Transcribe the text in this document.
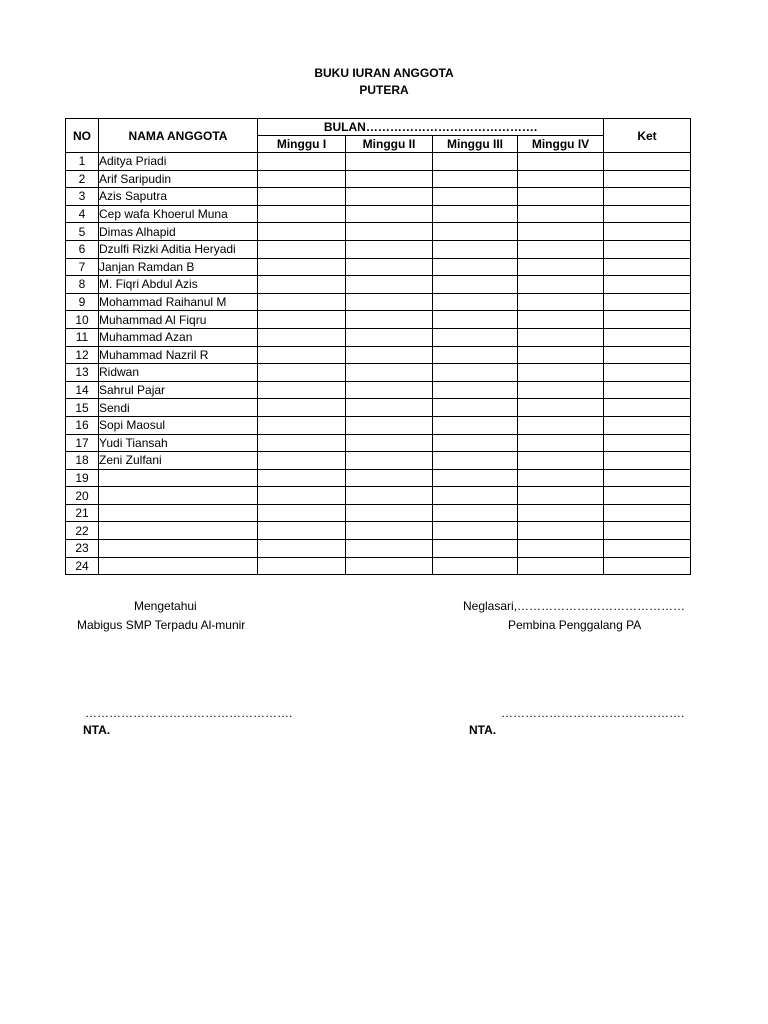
BUKU IURAN ANGGOTA
PUTERA
NO	NAMA ANGGOTA	BULAN…………………………………….				Ket
		Minggu I	Minggu II	Minggu III	Minggu IV	
1	Aditya Priadi					
2	Arif Saripudin					
3	Azis Saputra					
4	Cep wafa Khoerul Muna					
5	Dimas Alhapid					
6	Dzulfi Rizki Aditia Heryadi					
7	Janjan Ramdan B					
8	M. Fiqri Abdul Azis					
9	Mohammad Raihanul M					
10	Muhammad Al Fiqru					
11	Muhammad Azan					
12	Muhammad Nazril R					
13	Ridwan					
14	Sahrul Pajar					
15	Sendi					
16	Sopi Maosul					
17	Yudi Tiansah					
18	Zeni Zulfani					
19						
20						
21						
22						
23						
24						
Mengetahui
Mabigus SMP Terpadu Al-munir
…………………………………………….
NTA.
Neglasari,……………………………………
Pembina Penggalang PA
……………………………………….
NTA.
